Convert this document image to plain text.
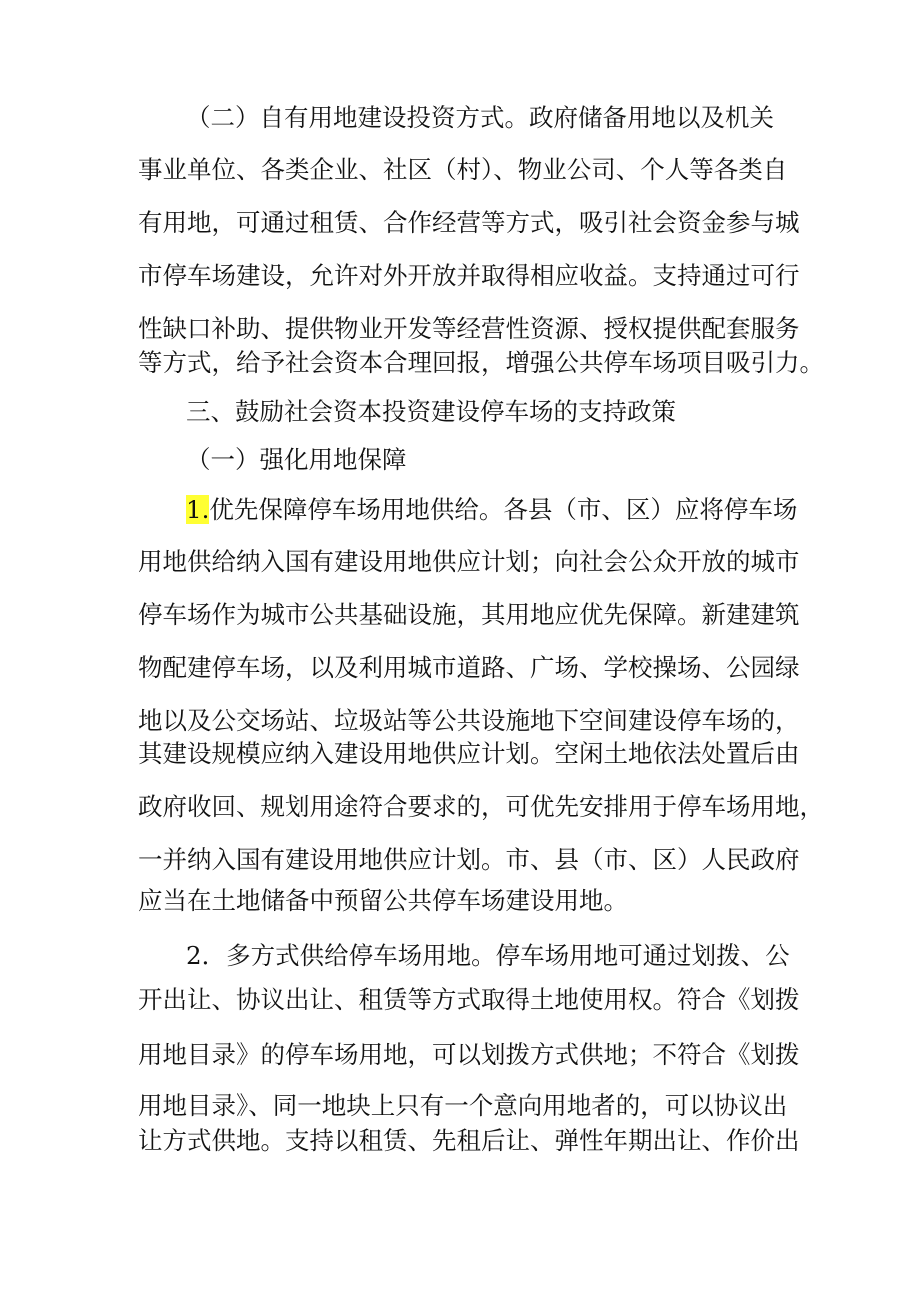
（二）自有用地建设投资方式。政府储备用地以及机关
事业单位、各类企业、社区（村）、物业公司、个人等各类自
有用地，可通过租赁、合作经营等方式，吸引社会资金参与城
市停车场建设，允许对外开放并取得相应收益。支持通过可行
性缺口补助、提供物业开发等经营性资源、授权提供配套服务
等方式，给予社会资本合理回报，增强公共停车场项目吸引力。
三、鼓励社会资本投资建设停车场的支持政策
（一）强化用地保障
1.优先保障停车场用地供给。各县（市、区）应将停车场
用地供给纳入国有建设用地供应计划；向社会公众开放的城市
停车场作为城市公共基础设施，其用地应优先保障。新建建筑
物配建停车场，以及利用城市道路、广场、学校操场、公园绿
地以及公交场站、垃圾站等公共设施地下空间建设停车场的，
其建设规模应纳入建设用地供应计划。空闲土地依法处置后由
政府收回、规划用途符合要求的，可优先安排用于停车场用地，
一并纳入国有建设用地供应计划。市、县（市、区）人民政府
应当在土地储备中预留公共停车场建设用地。
2．多方式供给停车场用地。停车场用地可通过划拨、公
开出让、协议出让、租赁等方式取得土地使用权。符合《划拨
用地目录》的停车场用地，可以划拨方式供地；不符合《划拨
用地目录》、同一地块上只有一个意向用地者的，可以协议出
让方式供地。支持以租赁、先租后让、弹性年期出让、作价出
